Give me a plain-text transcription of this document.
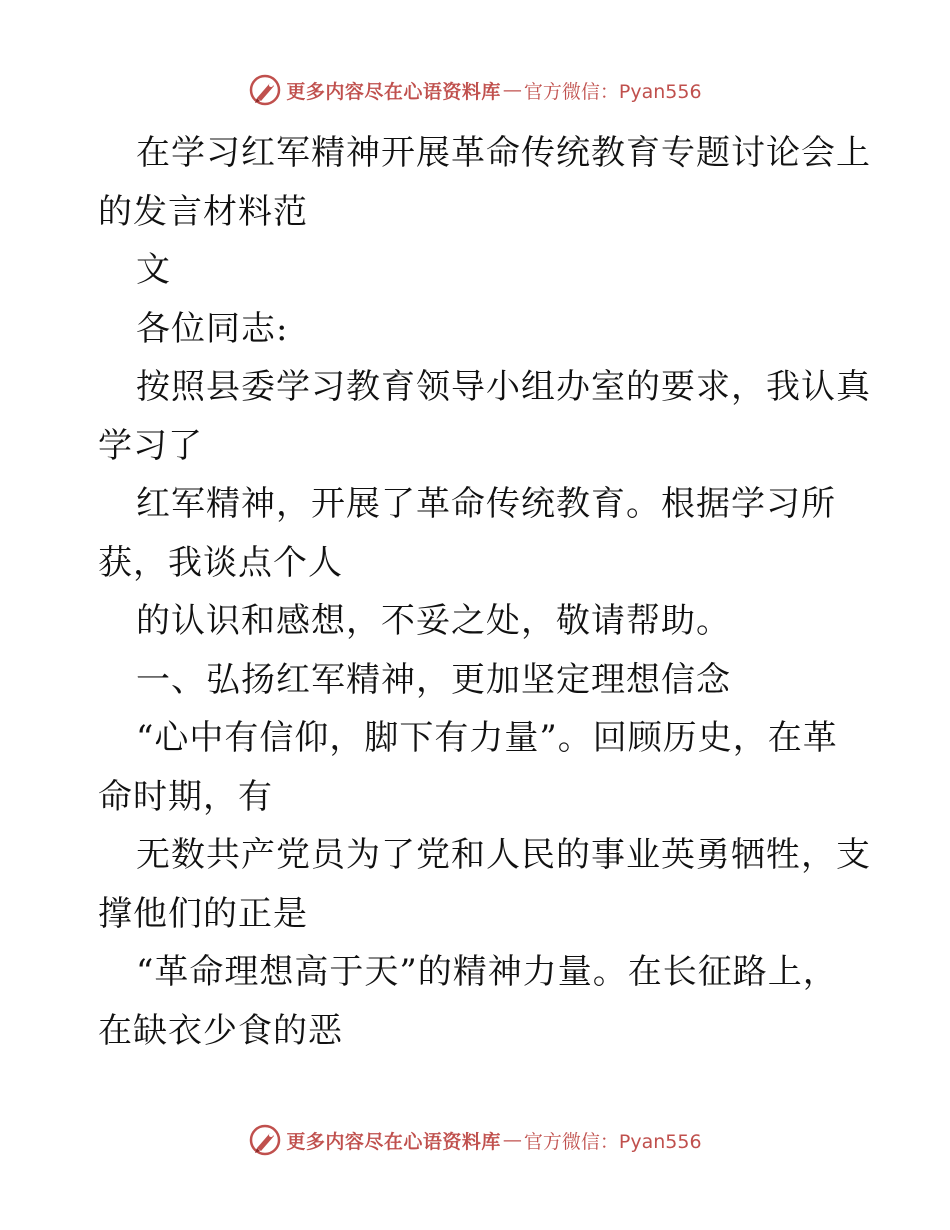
更多内容尽在心语资料库 — 官方微信：Pyan556
在学习红军精神开展革命传统教育专题讨论会上
的发言材料范
文
各位同志:
按照县委学习教育领导小组办室的要求，我认真
学习了
红军精神，开展了革命传统教育。根据学习所
获，我谈点个人
的认识和感想，不妥之处，敬请帮助。
一、弘扬红军精神，更加坚定理想信念
“心中有信仰，脚下有力量”。回顾历史，在革
命时期，有
无数共产党员为了党和人民的事业英勇牺牲，支
撑他们的正是
“革命理想高于天”的精神力量。在长征路上，
在缺衣少食的恶
更多内容尽在心语资料库 — 官方微信：Pyan556
